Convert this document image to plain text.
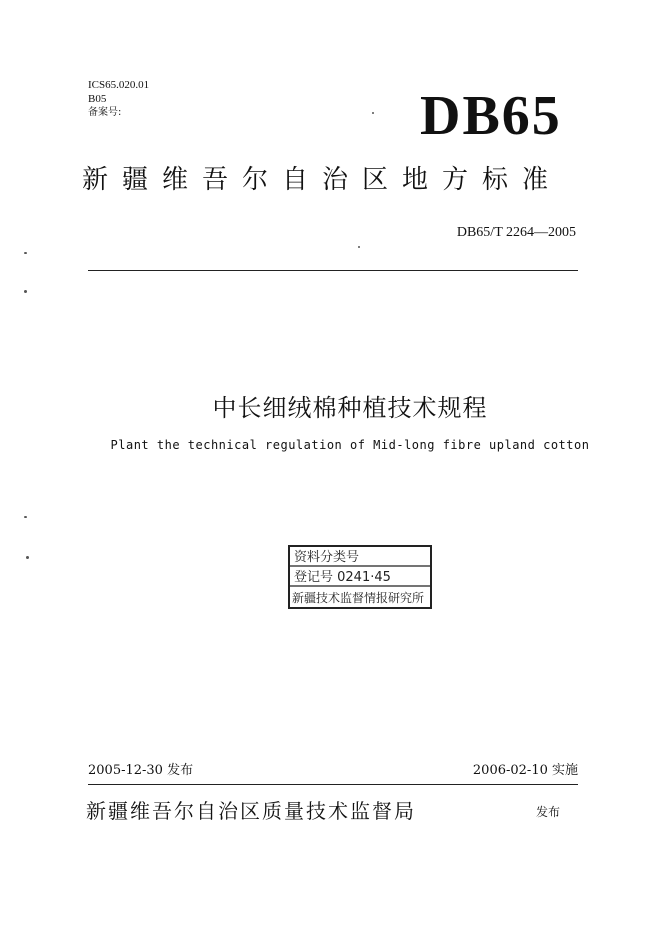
ICS65.020.01
B05
备案号:	DB65
新疆维吾尔自治区地方标准
DB65/T 2264—2005
中长细绒棉种植技术规程
Plant the technical regulation of Mid-long fibre upland cotton
资料分类号
登记号 0241·45
新疆技术监督情报研究所
2005-12-30 发布	2006-02-10 实施
新疆维吾尔自治区质量技术监督局	发布
